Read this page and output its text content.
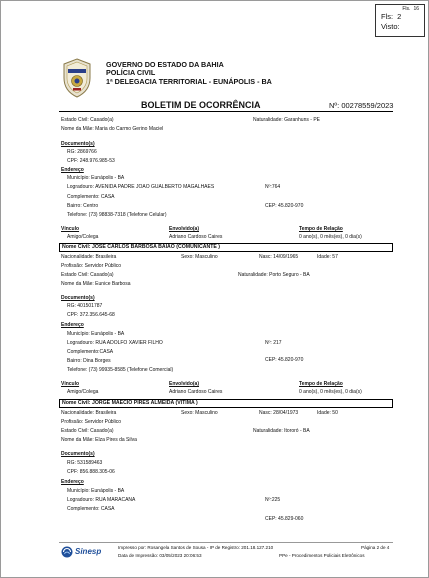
Fls. 16
Fls: 2
Visto:
GOVERNO DO ESTADO DA BAHIA
POLÍCIA CIVIL
1ª DELEGACIA TERRITORIAL - EUNÁPOLIS - BA
BOLETIM DE OCORRÊNCIA	Nº: 00278559/2023
Estado Civil: Casado(a)	Naturalidade: Garanhuns - PE
Nome da Mãe: Maria do Carmo Gerino Maciel
Documento(s)
RG: 2869766
CPF: 248.976.985-53
Endereço
Município: Eunápolis - BA
Logradouro: AVENIDA PADRE JOAO GUALBERTO MAGALHAES	Nº:764
Complemento: CASA
Bairro: Centro	CEP: 45.820-970
Telefone: (73) 98838-7318 (Telefone Celular)
Vínculo	Envolvido(a)	Tempo de Relação
Amigo/Colega	Adriano Cardoso Caires	0 ano(s), 0 mês(es), 0 dia(s)
Nome Civil: JOSE CARLOS BARBOSA BAIAO (COMUNICANTE )
Nacionalidade: Brasileira	Sexo: Masculino	Nasc: 14/09/1965	Idade: 57
Profissão: Servidor Público
Estado Civil: Casado(a)	Naturalidade: Porto Seguro - BA
Nome da Mãe: Eunice Barbosa
Documento(s)
RG: 401501787
CPF: 372.356.645-68
Endereço
Município: Eunápolis - BA
Logradouro: RUA ADOLFO XAVIER FILHO	Nº: 217
Complemento:CASA
Bairro: Dina Borges	CEP: 45.820-970
Telefone: (73) 99935-8585 (Telefone Comercial)
Vínculo	Envolvido(a)	Tempo de Relação
Amigo/Colega	Adriano Cardoso Caires	0 ano(s), 0 mês(es), 0 dia(s)
Nome Civil: JORGE MAECIO PIRES ALMEIDA (VÍTIMA )
Nacionalidade: Brasileira	Sexo: Masculino	Nasc: 28/04/1973	Idade: 50
Profissão: Servidor Público
Estado Civil: Casado(a)	Naturalidade: Itororó - BA
Nome da Mãe: Elza Pires da Silva
Documento(s)
RG: 531589463
CPF: 856.888.305-06
Endereço
Município: Eunápolis - BA
Logradouro: RUA MARACANA	Nº:225
Complemento: CASA
CEP: 45.829-060
Sinesp	Impresso por: Rosangela Santos de Sousa - IP de Registro: 201.18.127.210
Data de Impressão: 03/05/2023 20:06:53
Página 2 de 4
PPe - Procedimentos Policiais Eletrônicos
